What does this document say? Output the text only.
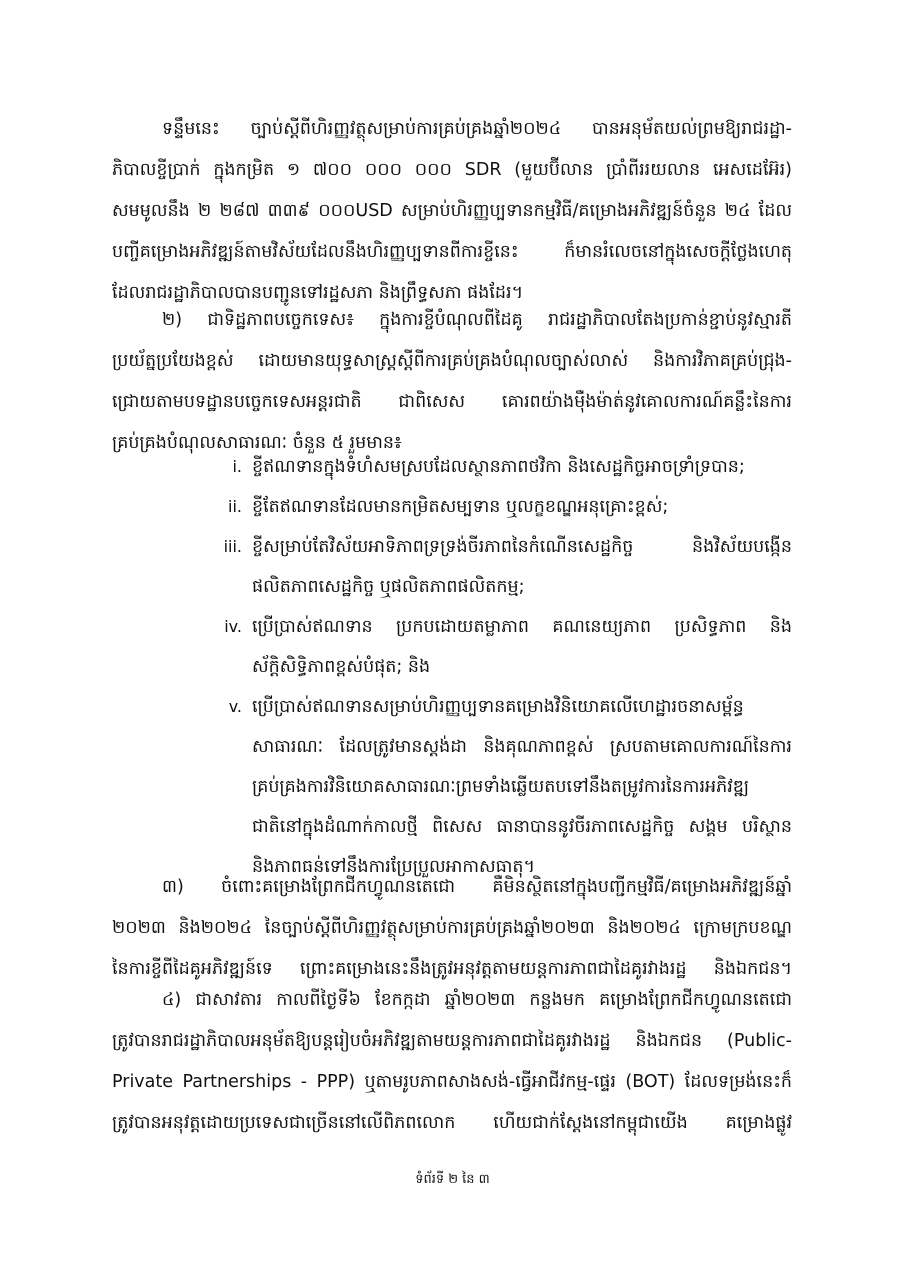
ទន្ទឹមនេះ ច្បាប់ស្តីពីហិរញ្ញវត្ថុសម្រាប់ការគ្រប់គ្រងឆ្នាំ២០២៤ បានអនុម័តយល់ព្រមឱ្យរាជរដ្ឋា-
ភិបាលខ្ចីប្រាក់ ក្នុងកម្រិត ១ ៧០០ ០០០ ០០០ SDR (មួយប៊ីលាន ប្រាំពីររយលាន អេសដេអ៊ែរ)
សមមូលនឹង ២ ២៨៧ ៣៣៩ ០០០USD សម្រាប់ហិរញ្ញប្បទានកម្មវិធី/គម្រោងអភិវឌ្ឍន៍ចំនួន ២៤ ដែល
បញ្ចីគម្រោងអភិវឌ្ឍន៍តាមវិស័យដែលនឹងហិរញ្ញប្បទានពីការខ្ចីនេះ ក៏មានរំលេចនៅក្នុងសេចក្តីថ្លែងហេតុ
ដែលរាជរដ្ឋាភិបាលបានបញ្ជូនទៅរដ្ឋសភា និងព្រឹទ្ធសភា ផងដែរ។
២) ជាទិដ្ឋភាពបច្ចេកទេស៖ ក្នុងការខ្ចីបំណុលពីដៃគូ រាជរដ្ឋាភិបាលតែងប្រកាន់ខ្ជាប់នូវស្មារតី
ប្រយ័ត្នប្រយែងខ្ពស់ ដោយមានយុទ្ធសាស្ត្រស្តីពីការគ្រប់គ្រងបំណុលច្បាស់លាស់ និងការវិភាគគ្រប់ជ្រុង-
ជ្រោយតាមបទដ្ឋានបច្ចេកទេសអន្តរជាតិ ជាពិសេស គោរពយ៉ាងម៉ឺងម៉ាត់នូវគោលការណ៍គន្លឹះនៃការ
គ្រប់គ្រងបំណុលសាធារណៈ ចំនួន ៥ រួមមាន៖
i. ខ្ចីឥណទានក្នុងទំហំសមស្របដែលស្ថានភាពថវិកា និងសេដ្ឋកិច្ចអាចទ្រាំទ្របាន;
ii. ខ្ចីតែឥណទានដែលមានកម្រិតសម្បទាន ឬលក្ខខណ្ឌអនុគ្រោះខ្ពស់;
iii. ខ្ចីសម្រាប់តែវិស័យអាទិភាពទ្រទ្រង់ចីរភាពនៃកំណើនសេដ្ឋកិច្ច និងវិស័យបង្កើន
ផលិតភាពសេដ្ឋកិច្ច ឬផលិតភាពផលិតកម្ម;
iv. ប្រើប្រាស់ឥណទាន ប្រកបដោយតម្លាភាព គណនេយ្យភាព ប្រសិទ្ធភាព និង
ស័ក្តិសិទ្ធិភាពខ្ពស់បំផុត; និង
v. ប្រើប្រាស់ឥណទានសម្រាប់ហិរញ្ញប្បទានគម្រោងវិនិយោគលើហេដ្ឋារចនាសម្ព័ន្ធ
សាធារណៈ ដែលត្រូវមានស្តង់ដា និងគុណភាពខ្ពស់ ស្របតាមគោលការណ៍នៃការ
គ្រប់គ្រងការវិនិយោគសាធារណៈព្រមទាំងឆ្លើយតបទៅនឹងតម្រូវការនៃការអភិវឌ្ឍ
ជាតិនៅក្នុងដំណាក់កាលថ្មី ពិសេស ធានាបាននូវចីរភាពសេដ្ឋកិច្ច សង្គម បរិស្ថាន
និងភាពធន់ទៅនឹងការប្រែប្រួលអាកាសធាតុ។
៣) ចំពោះគម្រោងព្រែកជីកហ្វូណនតេជោ គឺមិនស្ថិតនៅក្នុងបញ្ជីកម្មវិធី/គម្រោងអភិវឌ្ឍន៍ឆ្នាំ
២០២៣ និង២០២៤ នៃច្បាប់ស្តីពីហិរញ្ញវត្ថុសម្រាប់ការគ្រប់គ្រងឆ្នាំ២០២៣ និង២០២៤ ក្រោមក្របខណ្ឌ
នៃការខ្ចីពីដៃគូអភិវឌ្ឍន៍ទេ ព្រោះគម្រោងនេះនឹងត្រូវអនុវត្តតាមយន្តការភាពជាដៃគូរវាងរដ្ឋ និងឯកជន។
៤) ជាសាវតារ កាលពីថ្ងៃទី៦ ខែកក្កដា ឆ្នាំ២០២៣ កន្លងមក គម្រោងព្រែកជីកហ្វូណនតេជោ
ត្រូវបានរាជរដ្ឋាភិបាលអនុម័តឱ្យបន្តរៀបចំអភិវឌ្ឍតាមយន្តការភាពជាដៃគូរវាងរដ្ឋ និងឯកជន (Public-
Private Partnerships - PPP) ឬតាមរូបភាពសាងសង់-ធ្វើអាជីវកម្ម-ផ្ទេរ (BOT) ដែលទម្រង់នេះក៏
ត្រូវបានអនុវត្តដោយប្រទេសជាច្រើននៅលើពិភពលោក ហើយជាក់ស្តែងនៅកម្ពុជាយើង គម្រោងផ្លូវ
ទំព័រទី ២ នៃ ៣
